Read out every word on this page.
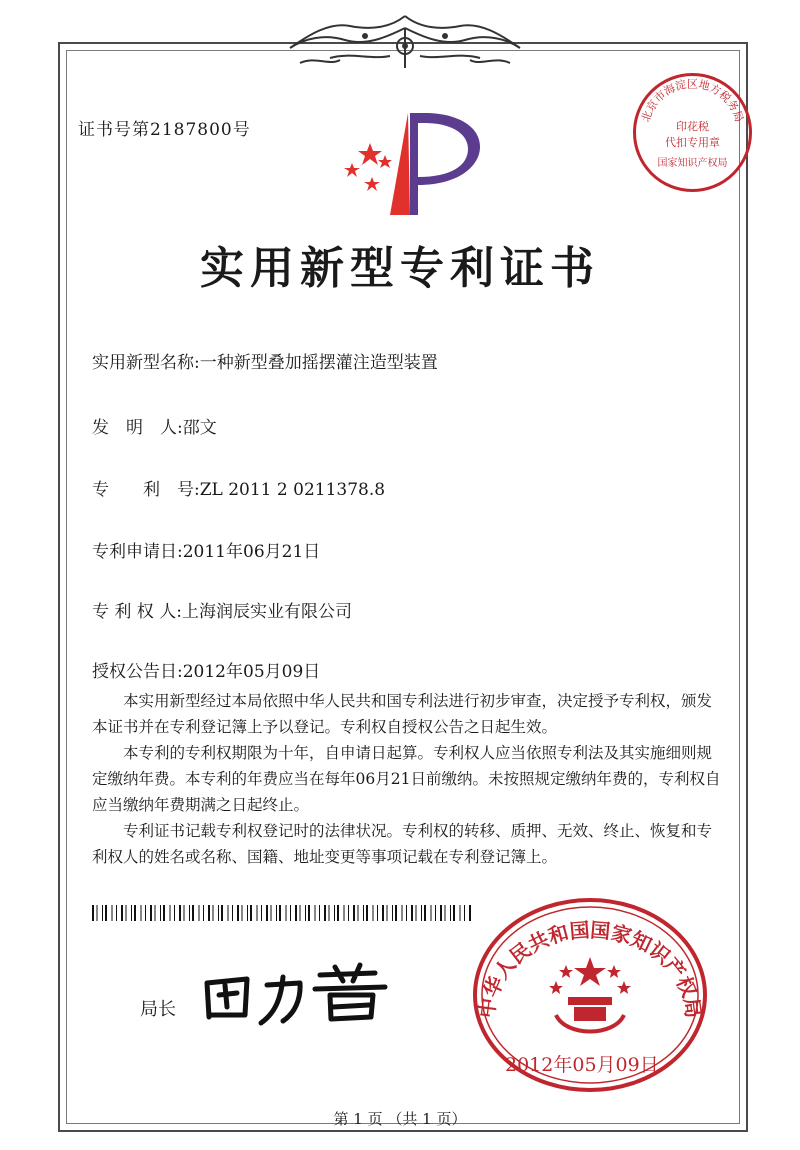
证书号第2187800号
北京市海淀区地方税务局
印花税
代扣专用章
国家知识产权局
实用新型专利证书
实用新型名称:一种新型叠加摇摆灌注造型装置
发　明　人:邵文
专　　利　号:ZL 2011 2 0211378.8
专利申请日:2011年06月21日
专 利 权 人:上海润辰实业有限公司
授权公告日:2012年05月09日

本实用新型经过本局依照中华人民共和国专利法进行初步审查，决定授予专利权，颁发本证书并在专利登记簿上予以登记。专利权自授权公告之日起生效。

本专利的专利权期限为十年，自申请日起算。专利权人应当依照专利法及其实施细则规定缴纳年费。本专利的年费应当在每年06月21日前缴纳。未按照规定缴纳年费的，专利权自应当缴纳年费期满之日起终止。

专利证书记载专利权登记时的法律状况。专利权的转移、质押、无效、终止、恢复和专利权人的姓名或名称、国籍、地址变更等事项记载在专利登记簿上。

局长	中华人民共和国国家知识产权局
2012年05月09日
第 1 页 （共 1 页）
